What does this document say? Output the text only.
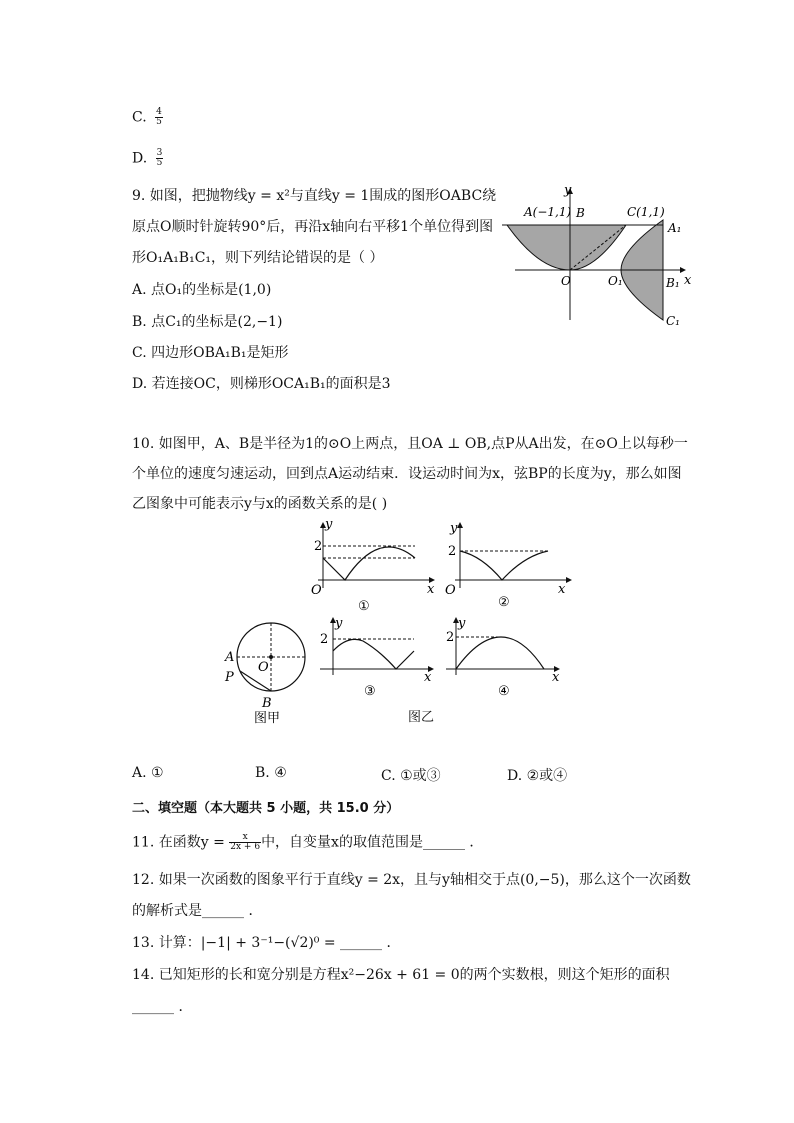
C. $\frac{4}{5}$
D. $\frac{3}{5}$
9. 如图，把抛物线y = x²与直线y = 1围成的图形OABC绕
原点O顺时针旋转90°后，再沿x轴向右平移1个单位得到图
形O₁A₁B₁C₁，则下列结论错误的是（ ）
A. 点O₁的坐标是(1,0)
B. 点C₁的坐标是(2,−1)
C. 四边形OBA₁B₁是矩形
D. 若连接OC，则梯形OCA₁B₁的面积是3
y
x
A(−1,1) B	C(1,1)
O	O₁
A₁
B₁
C₁
10. 如图甲，A、B是半径为1的⊙O上两点，且OA ⊥ OB,点P从A出发，在⊙O上以每秒一个单位的速度匀速运动，回到点A运动结束．设运动时间为x，弦BP的长度为y，那么如图乙图象中可能表示y与x的函数关系的是( )
2
y
x
O
①
2
y
x
O
②
A
O
P
B
图甲
2
y
x
③
2
y
x
④
图乙
A. ①	B. ④	C. ①或③	D. ②或④
二、填空题（本大题共 5 小题，共 15.0 分）
11. 在函数$y = \frac{x}{2x + 6}$ 中，自变量x的取值范围是______ ．
12. 如果一次函数的图象平行于直线y = 2x，且与y轴相交于点(0,−5)，那么这个一次函数
的解析式是______ ．
13. 计算：|−1| + 3⁻¹−(√2)⁰ = ______ ．
14. 已知矩形的长和宽分别是方程x²−26x + 61 = 0的两个实数根，则这个矩形的面积
______ ．
